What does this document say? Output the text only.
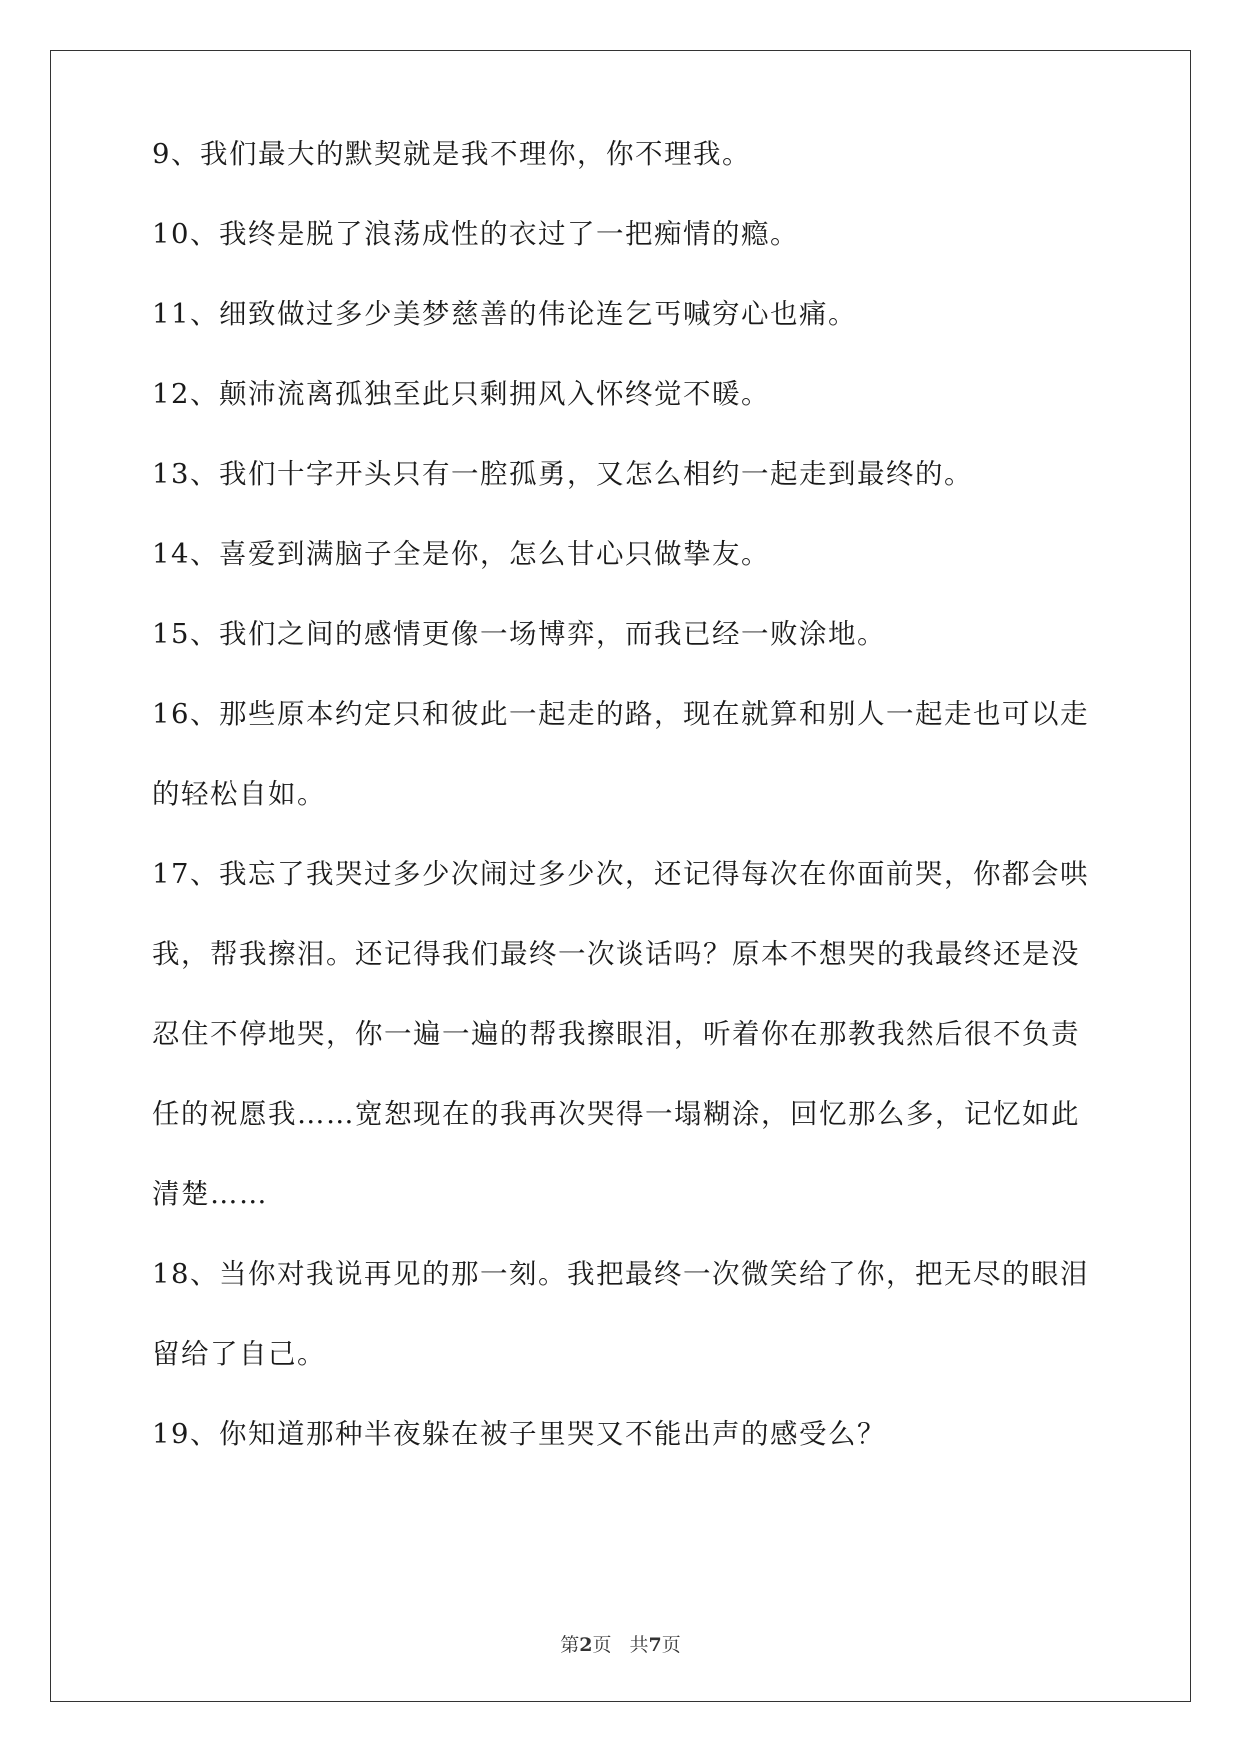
9、我们最大的默契就是我不理你，你不理我。

10、我终是脱了浪荡成性的衣过了一把痴情的瘾。

11、细致做过多少美梦慈善的伟论连乞丐喊穷心也痛。

12、颠沛流离孤独至此只剩拥风入怀终觉不暖。

13、我们十字开头只有一腔孤勇，又怎么相约一起走到最终的。

14、喜爱到满脑子全是你，怎么甘心只做挚友。

15、我们之间的感情更像一场博弈，而我已经一败涂地。

16、那些原本约定只和彼此一起走的路，现在就算和别人一起走也可以走的轻松自如。

17、我忘了我哭过多少次闹过多少次，还记得每次在你面前哭，你都会哄我，帮我擦泪。还记得我们最终一次谈话吗？原本不想哭的我最终还是没忍住不停地哭，你一遍一遍的帮我擦眼泪，听着你在那教我然后很不负责任的祝愿我……宽恕现在的我再次哭得一塌糊涂，回忆那么多，记忆如此清楚……

18、当你对我说再见的那一刻。我把最终一次微笑给了你，把无尽的眼泪留给了自己。

19、你知道那种半夜躲在被子里哭又不能出声的感受么？

第2页 共7页
